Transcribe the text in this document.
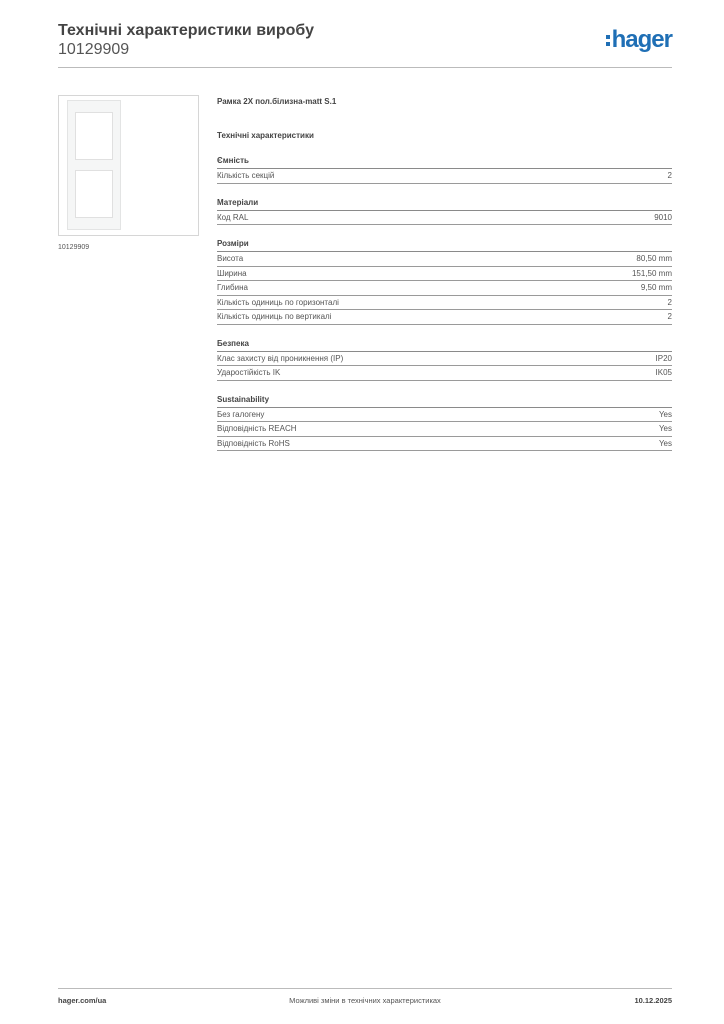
Технічні характеристики виробу
10129909	hager
10129909
Рамка 2X пол.білизна-matt S.1
Технічні характеристики
Ємність
Кількість секцій	2
Матеріали
Код RAL	9010
Розміри
Висота	80,50 mm
Ширина	151,50 mm
Глибина	9,50 mm
Кількість одиниць по горизонталі	2
Кількість одиниць по вертикалі	2
Безпека
Клас захисту від проникнення (IP)	IP20
Ударостійкість IK	IK05
Sustainability
Без галогену	Yes
Відповідність REACH	Yes
Відповідність RoHS	Yes
hager.com/ua	Можливі зміни в технічних характеристиках	10.12.2025
